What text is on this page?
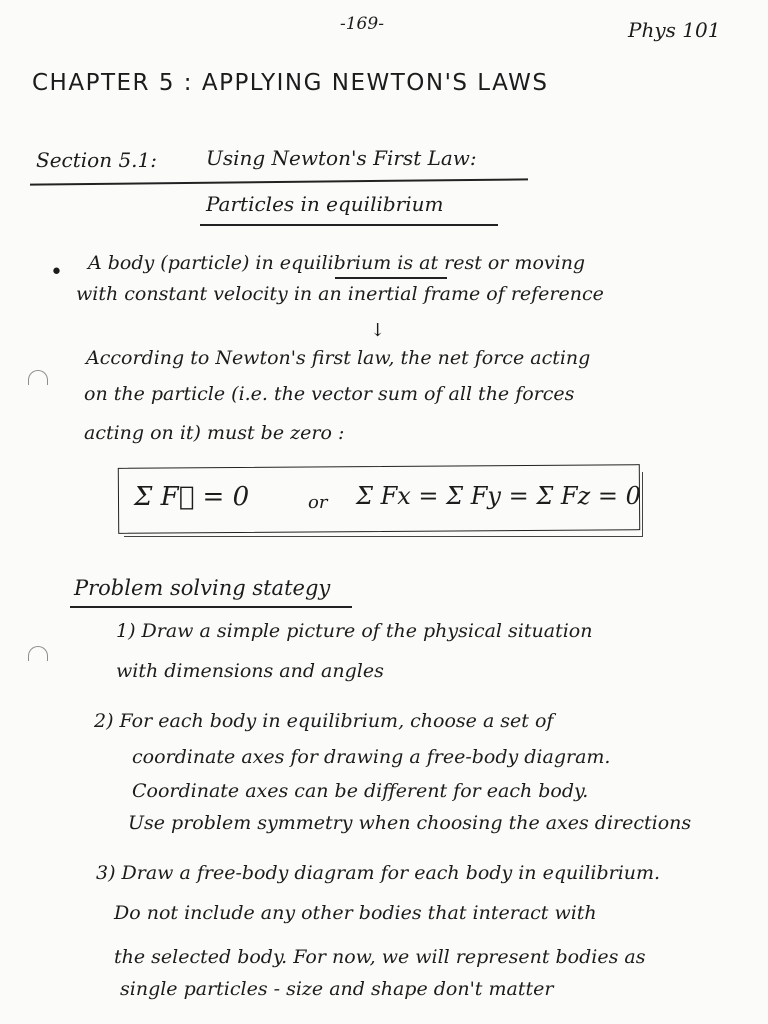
-169-	Phys 101
CHAPTER 5 : APPLYING NEWTON'S LAWS
Section 5.1: Using Newton's First Law:
Particles in equilibrium
• A body (particle) in equilibrium is at rest or moving
with constant velocity in an inertial frame of reference
↓
According to Newton's first law, the net force acting
on the particle (i.e. the vector sum of all the forces
acting on it) must be zero :
Σ F⃗ = 0	or Σ Fx = Σ Fy = Σ Fz = 0
Problem solving stategy
1) Draw a simple picture of the physical situation
with dimensions and angles
2) For each body in equilibrium, choose a set of
coordinate axes for drawing a free-body diagram.
Coordinate axes can be different for each body.
Use problem symmetry when choosing the axes directions
3) Draw a free-body diagram for each body in equilibrium.
Do not include any other bodies that interact with
the selected body. For now, we will represent bodies as
single particles - size and shape don't matter
